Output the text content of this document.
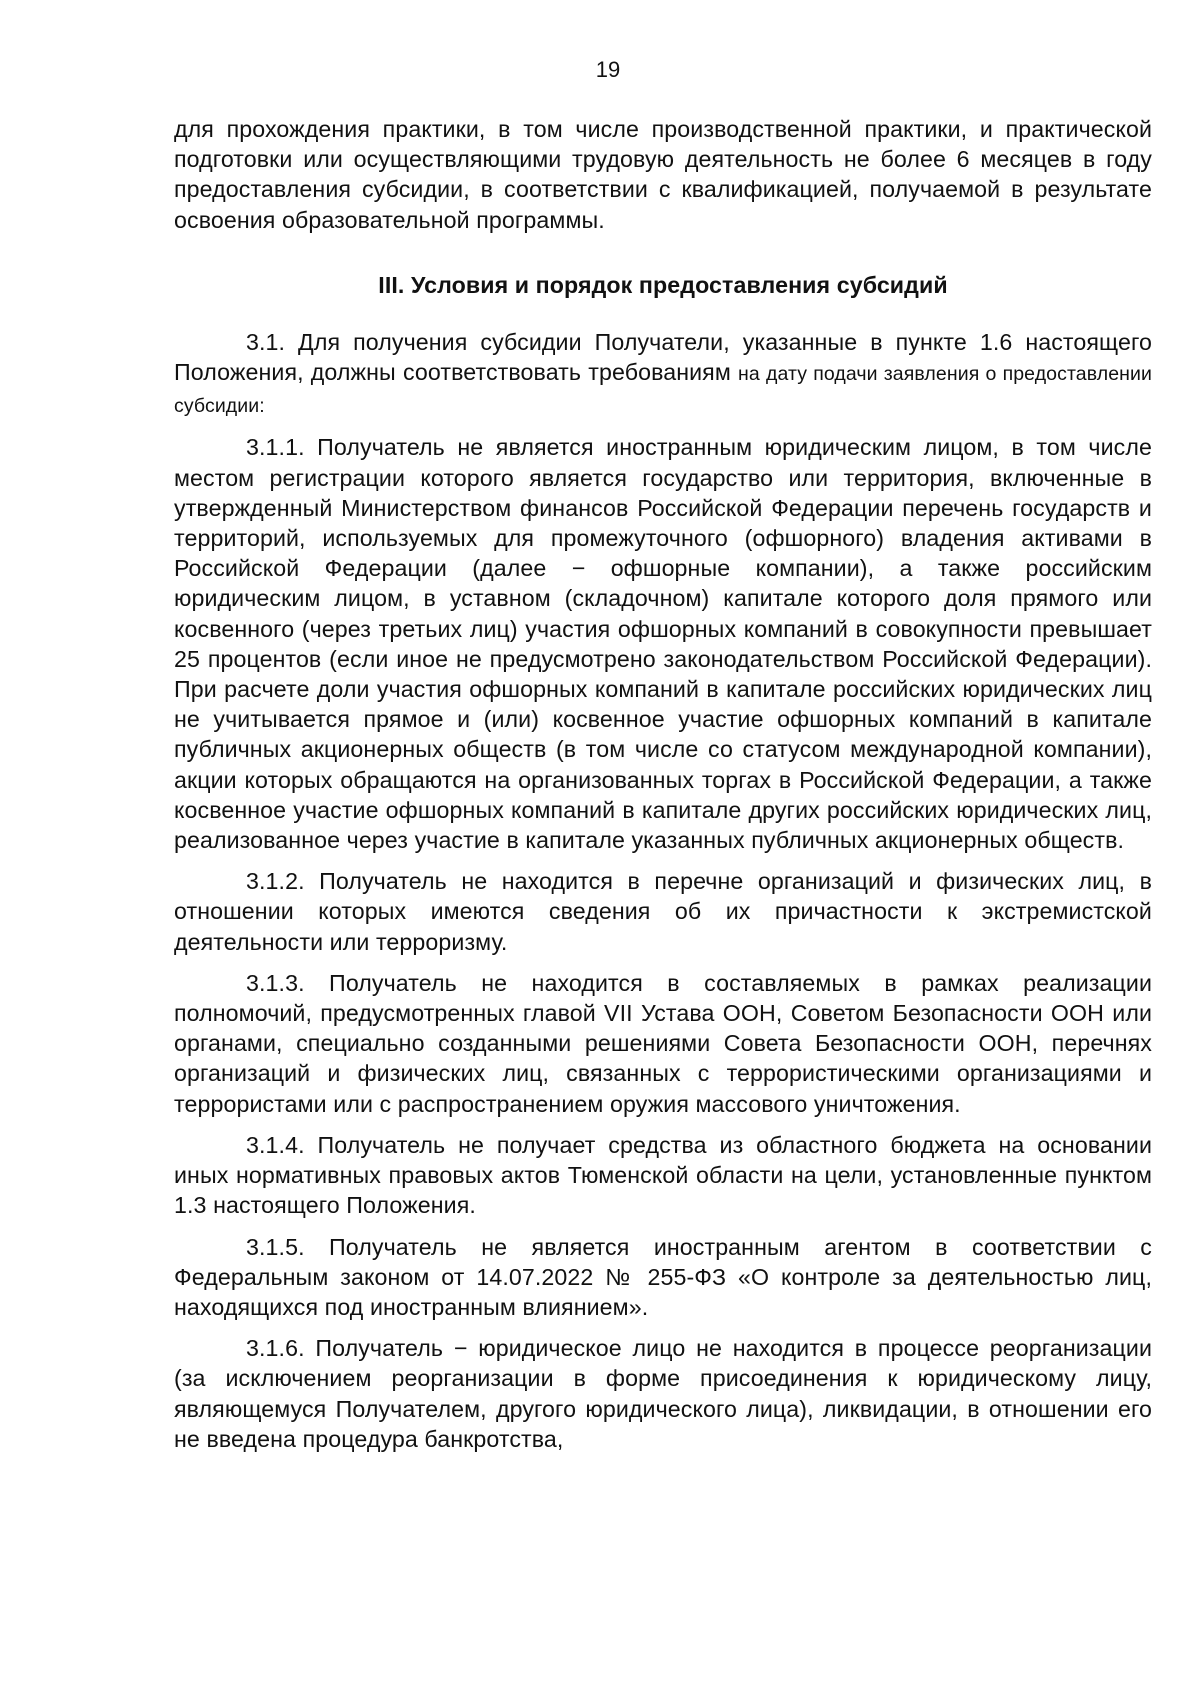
19

для прохождения практики, в том числе производственной практики, и практической подготовки или осуществляющими трудовую деятельность не более 6 месяцев в году предоставления субсидии, в соответствии с квалификацией, получаемой в результате освоения образовательной программы.

III. Условия и порядок предоставления субсидий

3.1. Для получения субсидии Получатели, указанные в пункте 1.6 настоящего Положения, должны соответствовать требованиям на дату подачи заявления о предоставлении субсидии:

3.1.1. Получатель не является иностранным юридическим лицом, в том числе местом регистрации которого является государство или территория, включенные в утвержденный Министерством финансов Российской Федерации перечень государств и территорий, используемых для промежуточного (офшорного) владения активами в Российской Федерации (далее − офшорные компании), а также российским юридическим лицом, в уставном (складочном) капитале которого доля прямого или косвенного (через третьих лиц) участия офшорных компаний в совокупности превышает 25 процентов (если иное не предусмотрено законодательством Российской Федерации). При расчете доли участия офшорных компаний в капитале российских юридических лиц не учитывается прямое и (или) косвенное участие офшорных компаний в капитале публичных акционерных обществ (в том числе со статусом международной компании), акции которых обращаются на организованных торгах в Российской Федерации, а также косвенное участие офшорных компаний в капитале других российских юридических лиц, реализованное через участие в капитале указанных публичных акционерных обществ.

3.1.2. Получатель не находится в перечне организаций и физических лиц, в отношении которых имеются сведения об их причастности к экстремистской деятельности или терроризму.

3.1.3. Получатель не находится в составляемых в рамках реализации полномочий, предусмотренных главой VII Устава ООН, Советом Безопасности ООН или органами, специально созданными решениями Совета Безопасности ООН, перечнях организаций и физических лиц, связанных с террористическими организациями и террористами или с распространением оружия массового уничтожения.

3.1.4. Получатель не получает средства из областного бюджета на основании иных нормативных правовых актов Тюменской области на цели, установленные пунктом 1.3 настоящего Положения.

3.1.5. Получатель не является иностранным агентом в соответствии с Федеральным законом от 14.07.2022 № 255-ФЗ «О контроле за деятельностью лиц, находящихся под иностранным влиянием».

3.1.6. Получатель − юридическое лицо не находится в процессе реорганизации (за исключением реорганизации в форме присоединения к юридическому лицу, являющемуся Получателем, другого юридического лица), ликвидации, в отношении его не введена процедура банкротства,
